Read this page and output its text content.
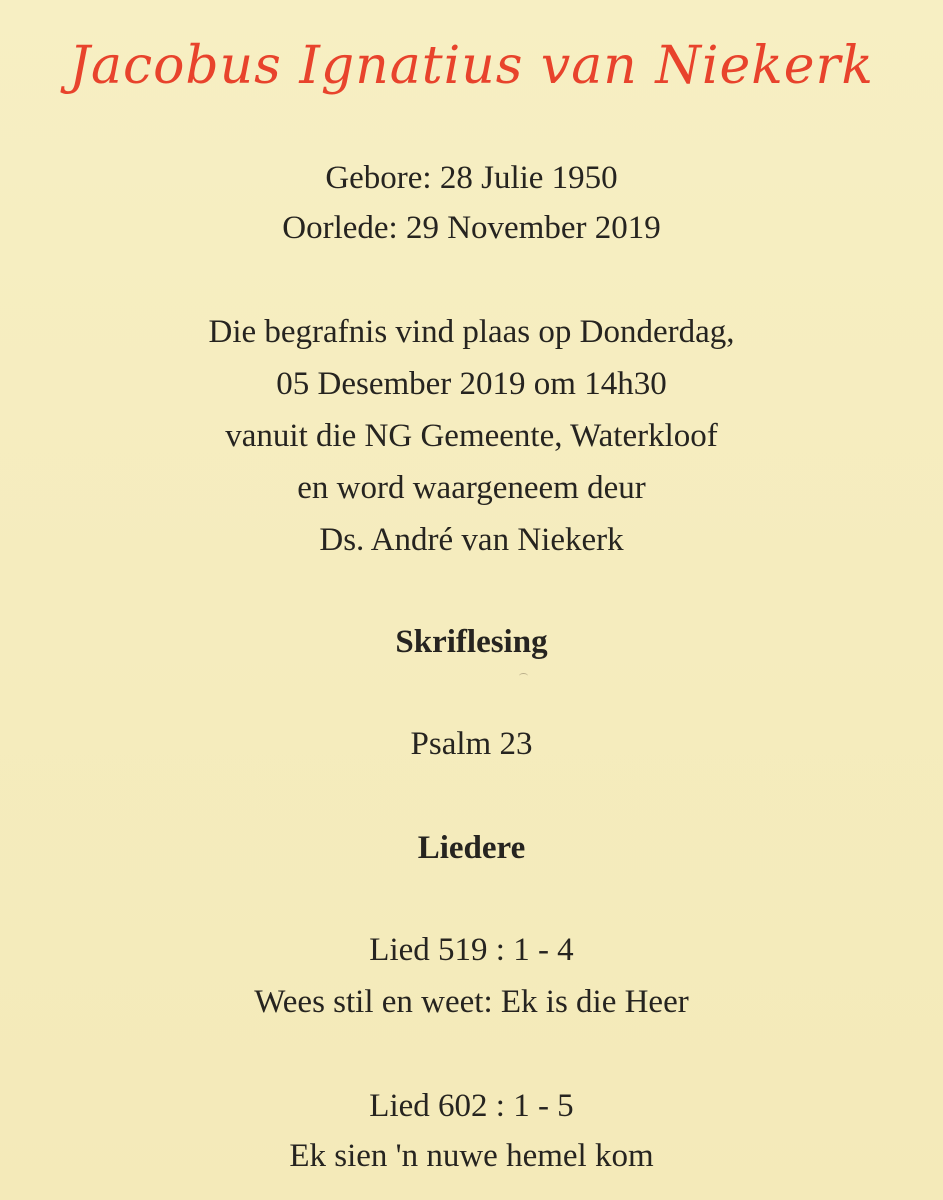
Jacobus Ignatius van Niekerk
Gebore: 28 Julie 1950
Oorlede: 29 November 2019
Die begrafnis vind plaas op Donderdag,
05 Desember 2019 om 14h30
vanuit die NG Gemeente, Waterkloof
en word waargeneem deur
Ds. André van Niekerk
Skriflesing
Psalm 23
Liedere
Lied 519 : 1 - 4
Wees stil en weet: Ek is die Heer
Lied 602 : 1 - 5
Ek sien 'n nuwe hemel kom
